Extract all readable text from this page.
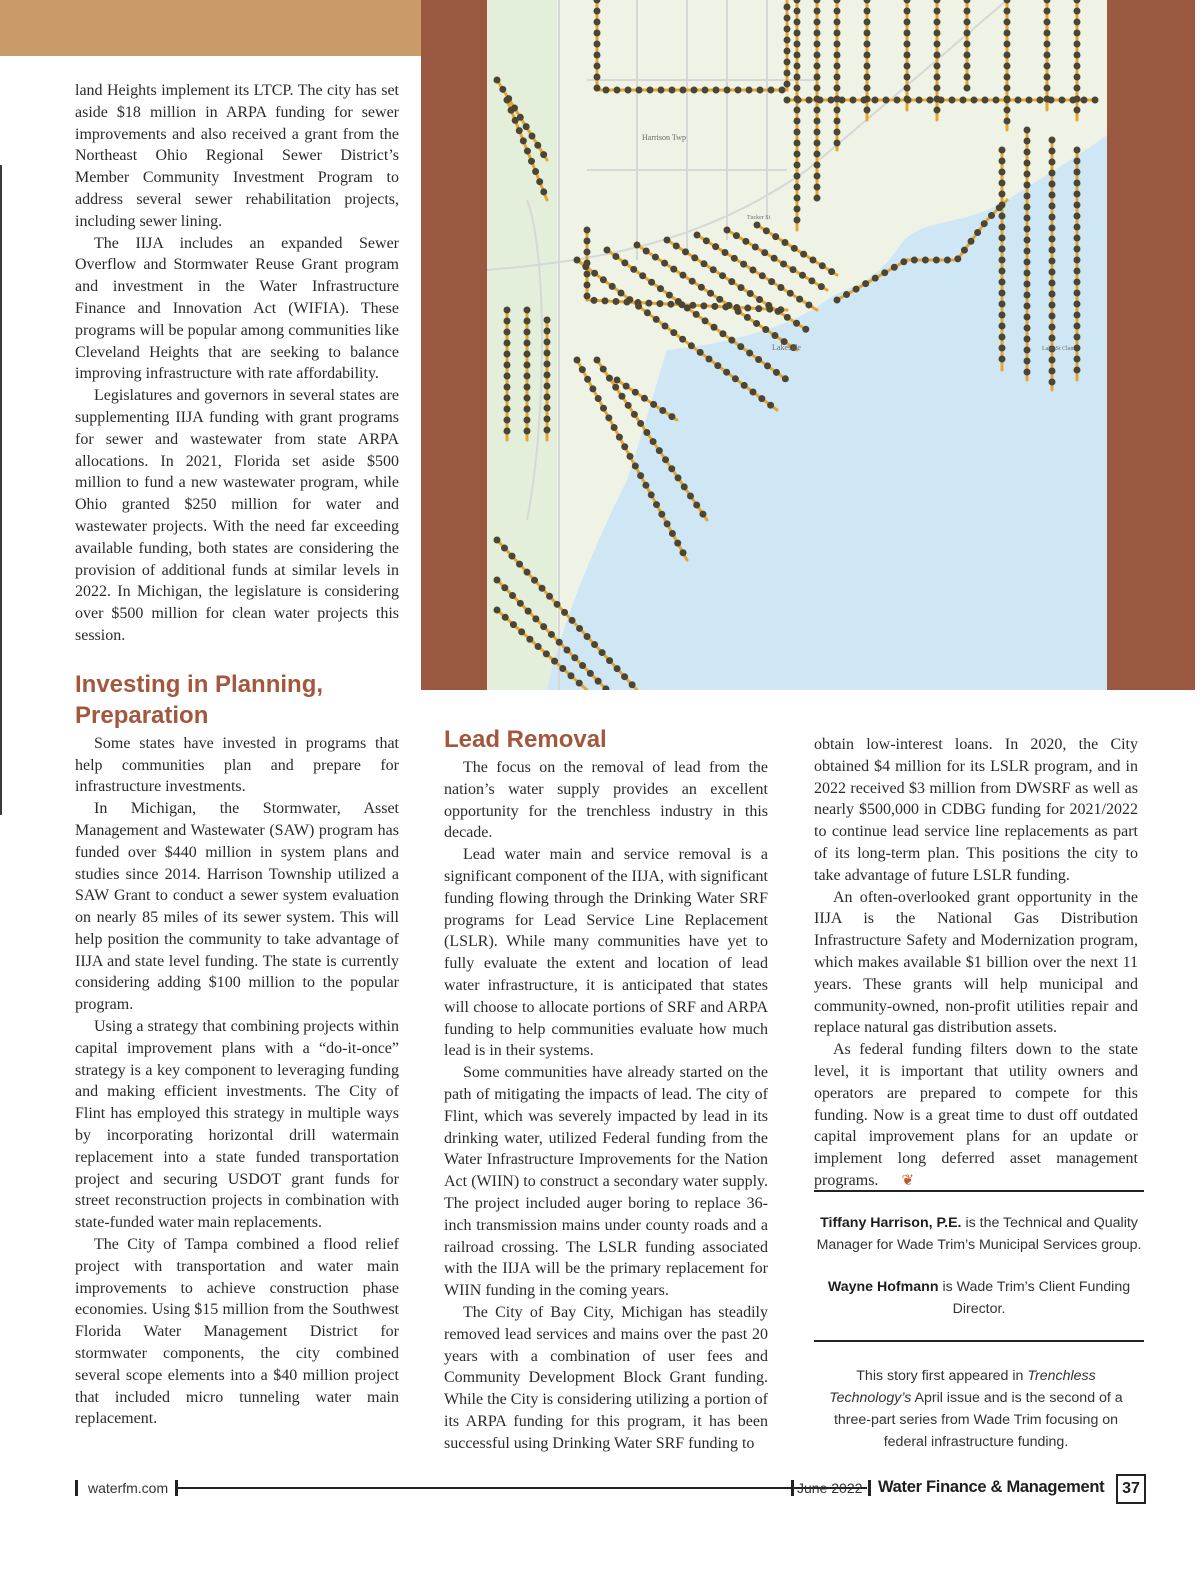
Harrison Twp
Tucker St
Lakeside	Lake St Clair

land Heights implement its LTCP. The city has set aside $18 million in ARPA funding for sewer improvements and also received a grant from the Northeast Ohio Regional Sewer District’s Member Community Investment Program to address several sewer rehabilitation projects, including sewer lining.

The IIJA includes an expanded Sewer Overflow and Stormwater Reuse Grant program and investment in the Water Infrastructure Finance and Innovation Act (WIFIA). These programs will be popular among communities like Cleveland Heights that are seeking to balance improving infrastructure with rate affordability.

Legislatures and governors in several states are supplementing IIJA funding with grant programs for sewer and wastewater from state ARPA allocations. In 2021, Florida set aside $500 million to fund a new wastewater program, while Ohio granted $250 million for water and wastewater projects. With the need far exceeding available funding, both states are considering the provision of additional funds at similar levels in 2022. In Michigan, the legislature is considering over $500 million for clean water projects this session.

Investing in Planning, Preparation

Some states have invested in programs that help communities plan and prepare for infrastructure investments.

In Michigan, the Stormwater, Asset Management and Wastewater (SAW) program has funded over $440 million in system plans and studies since 2014. Harrison Township utilized a SAW Grant to conduct a sewer system evaluation on nearly 85 miles of its sewer system. This will help position the community to take advantage of IIJA and state level funding. The state is currently considering adding $100 million to the popular program.

Using a strategy that combining projects within capital improvement plans with a “do-it-once” strategy is a key component to leveraging funding and making efficient investments. The City of Flint has employed this strategy in multiple ways by incorporating horizontal drill watermain replacement into a state funded transportation project and securing USDOT grant funds for street reconstruction projects in combination with state-funded water main replacements.

The City of Tampa combined a flood relief project with transportation and water main improvements to achieve construction phase economies. Using $15 million from the Southwest Florida Water Management District for stormwater components, the city combined several scope elements into a $40 million project that included micro tunneling water main replacement.

Lead Removal

The focus on the removal of lead from the nation’s water supply provides an excellent opportunity for the trenchless industry in this decade.

Lead water main and service removal is a significant component of the IIJA, with significant funding flowing through the Drinking Water SRF programs for Lead Service Line Replacement (LSLR). While many communities have yet to fully evaluate the extent and location of lead water infrastructure, it is anticipated that states will choose to allocate portions of SRF and ARPA funding to help communities evaluate how much lead is in their systems.

Some communities have already started on the path of mitigating the impacts of lead. The city of Flint, which was severely impacted by lead in its drinking water, utilized Federal funding from the Water Infrastructure Improvements for the Nation Act (WIIN) to construct a secondary water supply. The project included auger boring to replace 36-inch transmission mains under county roads and a railroad crossing. The LSLR funding associated with the IIJA will be the primary replacement for WIIN funding in the coming years.

The City of Bay City, Michigan has steadily removed lead services and mains over the past 20 years with a combination of user fees and Community Development Block Grant funding. While the City is considering utilizing a portion of its ARPA funding for this program, it has been successful using Drinking Water SRF funding to

obtain low-interest loans. In 2020, the City obtained $4 million for its LSLR program, and in 2022 received $3 million from DWSRF as well as nearly $500,000 in CDBG funding for 2021/2022 to continue lead service line replacements as part of its long-term plan. This positions the city to take advantage of future LSLR funding.

An often-overlooked grant opportunity in the IIJA is the National Gas Distribution Infrastructure Safety and Modernization program, which makes available $1 billion over the next 11 years. These grants will help municipal and community-owned, non-profit utilities repair and replace natural gas distribution assets.

As federal funding filters down to the state level, it is important that utility owners and operators are prepared to compete for this funding. Now is a great time to dust off outdated capital improvement plans for an update or implement long deferred asset management programs. ❦

Tiffany Harrison, P.E. is the Technical and Quality Manager for Wade Trim’s Municipal Services group.
Wayne Hofmann is Wade Trim’s Client Funding Director.
This story first appeared in Trenchless Technology’s April issue and is the second of a three-part series from Wade Trim focusing on federal infrastructure funding.
waterfm.com	June 2022 Water Finance & Management	37
